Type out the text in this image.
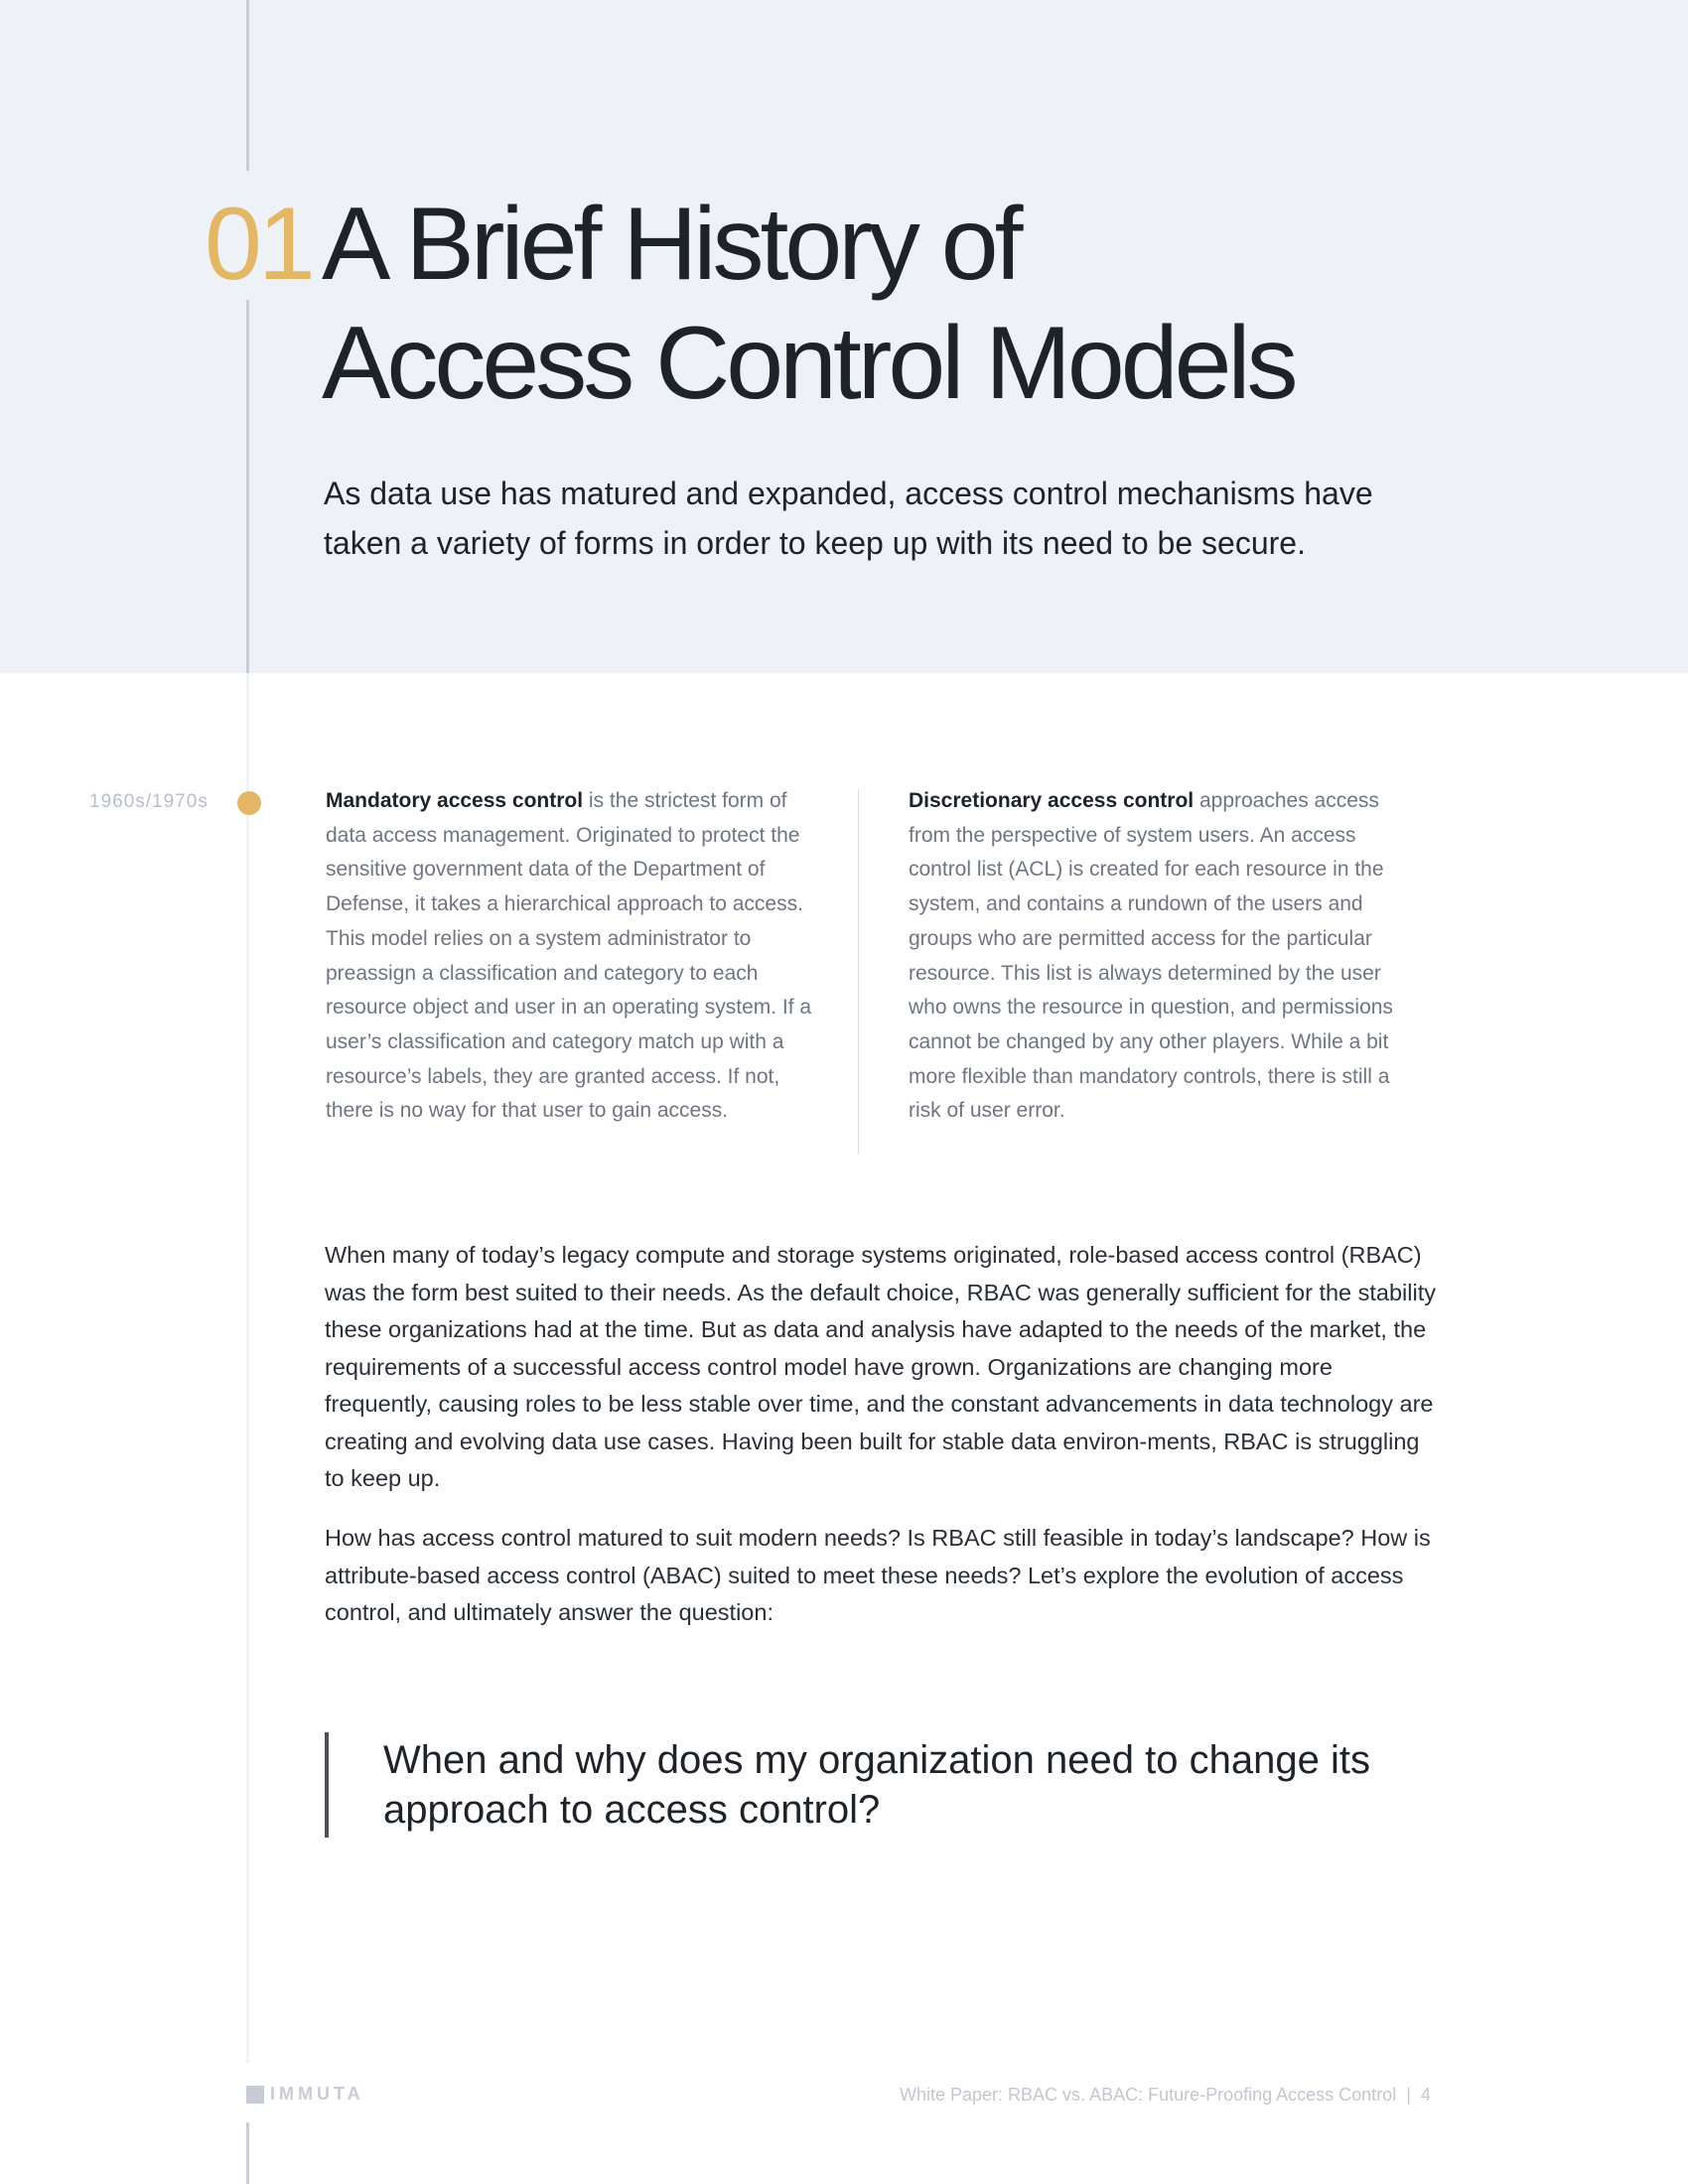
01 A Brief History of
Access Control Models
As data use has matured and expanded, access control mechanisms have taken a variety of forms in order to keep up with its need to be secure.
1960s/1970s	Mandatory access control is the strictest form of data access management. Originated to protect the sensitive government data of the Department of Defense, it takes a hierarchical approach to access. This model relies on a system administrator to preassign a classification and category to each resource object and user in an operating system. If a user’s classification and category match up with a resource’s labels, they are granted access. If not, there is no way for that user to gain access.
Discretionary access control approaches access from the perspective of system users. An access control list (ACL) is created for each resource in the system, and contains a rundown of the users and groups who are permitted access for the particular resource. This list is always determined by the user who owns the resource in question, and permissions cannot be changed by any other players. While a bit more flexible than mandatory controls, there is still a risk of user error.

When many of today’s legacy compute and storage systems originated, role-based access control (RBAC) was the form best suited to their needs. As the default choice, RBAC was generally sufficient for the stability these organizations had at the time. But as data and analysis have adapted to the needs of the market, the requirements of a successful access control model have grown. Organizations are changing more frequently, causing roles to be less stable over time, and the constant advancements in data technology are creating and evolving data use cases. Having been built for stable data environ-ments, RBAC is struggling to keep up.

How has access control matured to suit modern needs? Is RBAC still feasible in today’s landscape? How is attribute-based access control (ABAC) suited to meet these needs? Let’s explore the evolution of access control, and ultimately answer the question:

When and why does my organization need to change its approach to access control?
IMMUTA	White Paper: RBAC vs. ABAC: Future-Proofing Access Control | 4
